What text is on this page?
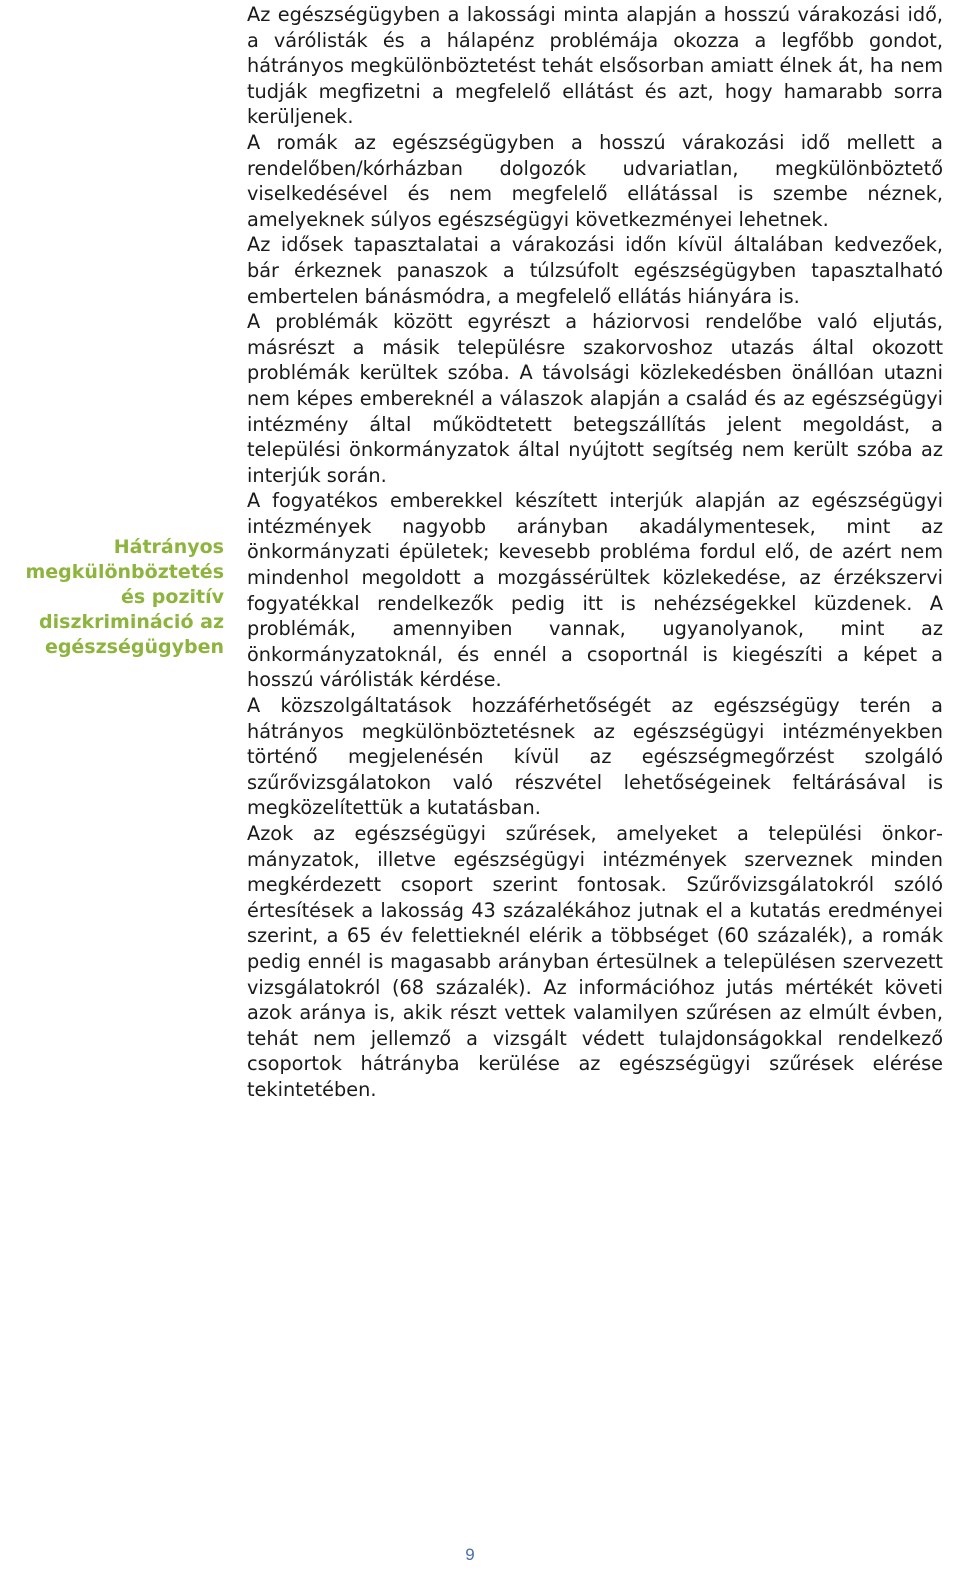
Hátrányos
megkülönböztetés
és pozitív
diszkrimináció az
egészségügyben

Az egészségügyben a lakossági minta alapján a hosszú várakozási idő, a várólisták és a hálapénz problémája okozza a legfőbb gondot, hátrányos megkülönböztetést tehát elsősorban amiatt élnek át, ha nem tudják megfizetni a megfelelő ellátást és azt, hogy hamarabb sorra kerüljenek.

A romák az egészségügyben a hosszú várakozási idő mellett a rendelőben/kórházban dolgozók udvariatlan, megkülönböztető viselkedésével és nem megfelelő ellátással is szembe néznek, amelyeknek súlyos egészségügyi következményei lehetnek.

Az idősek tapasztalatai a várakozási időn kívül általában kedvezőek, bár érkeznek panaszok a túlzsúfolt egészségügyben tapasztalható embertelen bánásmódra, a megfelelő ellátás hiányára is.

A problémák között egyrészt a háziorvosi rendelőbe való eljutás, másrészt a másik településre szakorvoshoz utazás által okozott problémák kerültek szóba. A távolsági közlekedésben önállóan utazni nem képes embereknél a válaszok alapján a család és az egészségügyi intézmény által működtetett betegszállítás jelent megoldást, a települési önkormányzatok által nyújtott segítség nem került szóba az interjúk során.

A fogyatékos emberekkel készített interjúk alapján az egészségügyi intézmények nagyobb arányban akadálymentesek, mint az önkormányzati épületek; kevesebb probléma fordul elő, de azért nem mindenhol megoldott a mozgássérültek közlekedése, az érzékszervi fogyatékkal rendelkezők pedig itt is nehézségekkel küzdenek. A problémák, amennyiben vannak, ugyanolyanok, mint az önkormányzatoknál, és ennél a csoportnál is kiegészíti a képet a hosszú várólisták kérdése.

A közszolgáltatások hozzáférhetőségét az egészségügy terén a hátrányos megkülönböztetésnek az egészségügyi intézményekben történő megjelenésén kívül az egészségmegőrzést szolgáló szűrővizsgálatokon való részvétel lehetőségeinek feltárásával is megközelítettük a kutatásban.

Azok az egészségügyi szűrések, amelyeket a települési önkormányzatok, illetve egészségügyi intézmények szerveznek minden megkérdezett csoport szerint fontosak. Szűrővizsgálatokról szóló értesítések a lakosság 43 százalékához jutnak el a kutatás eredményei szerint, a 65 év felettieknél elérik a többséget (60 százalék), a romák pedig ennél is magasabb arányban értesülnek a településen szervezett vizsgálatokról (68 százalék). Az információhoz jutás mértékét követi azok aránya is, akik részt vettek valamilyen szűrésen az elmúlt évben, tehát nem jellemző a vizsgált védett tulajdonságokkal rendelkező csoportok hátrányba kerülése az egészségügyi szűrések elérése tekintetében.

9
